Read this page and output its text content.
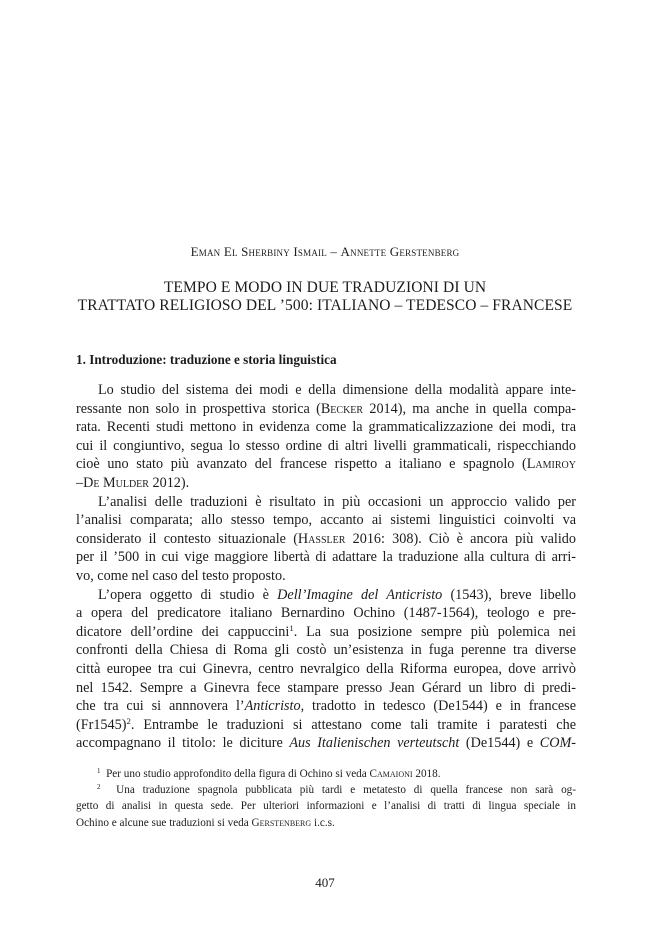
Eman El Sherbiny Ismail – Annette Gerstenberg
TEMPO E MODO IN DUE TRADUZIONI DI UN
TRATTATO RELIGIOSO DEL ’500: ITALIANO – TEDESCO – FRANCESE
1. Introduzione: traduzione e storia linguistica
Lo studio del sistema dei modi e della dimensione della modalità appare inte-
ressante non solo in prospettiva storica (Becker 2014), ma anche in quella compa-
rata. Recenti studi mettono in evidenza come la grammaticalizzazione dei modi, tra
cui il congiuntivo, segua lo stesso ordine di altri livelli grammaticali, rispecchiando
cioè uno stato più avanzato del francese rispetto a italiano e spagnolo (Lamiroy
–De Mulder 2012).
L’analisi delle traduzioni è risultato in più occasioni un approccio valido per
l’analisi comparata; allo stesso tempo, accanto ai sistemi linguistici coinvolti va
considerato il contesto situazionale (Haßler 2016: 308). Ciò è ancora più valido
per il ’500 in cui vige maggiore libertà di adattare la traduzione alla cultura di arri-
vo, come nel caso del testo proposto.
L’opera oggetto di studio è Dell’Imagine del Anticristo (1543), breve libello
a opera del predicatore italiano Bernardino Ochino (1487-1564), teologo e pre-
dicatore dell’ordine dei cappuccini$^1$. La sua posizione sempre più polemica nei
confronti della Chiesa di Roma gli costò un’esistenza in fuga perenne tra diverse
città europee tra cui Ginevra, centro nevralgico della Riforma europea, dove arrivò
nel 1542. Sempre a Ginevra fece stampare presso Jean Gérard un libro di predi-
che tra cui si annnovera l’Anticristo, tradotto in tedesco (De1544) e in francese
$(Fr1545)^2$. Entrambe le traduzioni si attestano come tali tramite i paratesti che
accompagnano il titolo: le diciture Aus Italienischen verteutscht (De1544) e COM-
$^1$ Per uno studio approfondito della figura di Ochino si veda Camaioni 2018.
$^2$ Una traduzione spagnola pubblicata più tardi e metatesto di quella francese non sarà og-
getto di analisi in questa sede. Per ulteriori informazioni e l’analisi di tratti di lingua speciale in
Ochino e alcune sue traduzioni si veda Gerstenberg i.c.s.
407
